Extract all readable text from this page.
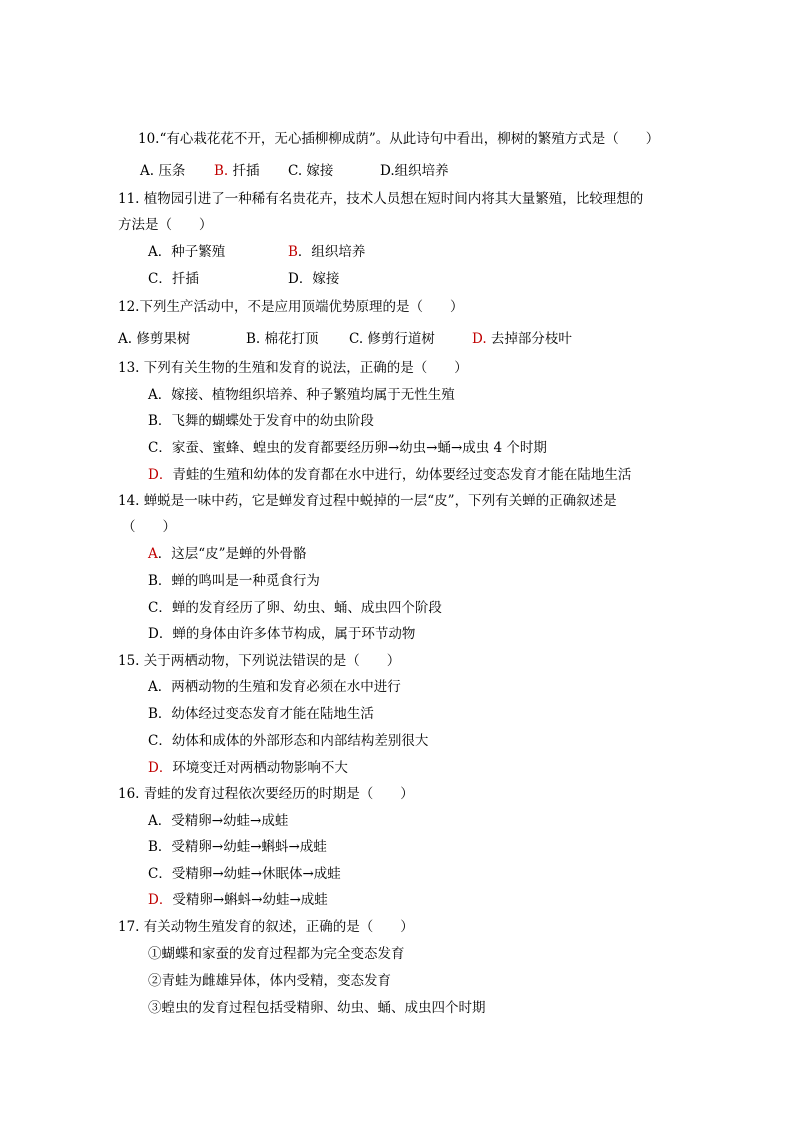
10.“有心栽花花不开，无心插柳柳成荫”。从此诗句中看出，柳树的繁殖方式是（　　）
A. 压条 B. 扦插 C. 嫁接	D.组织培养
11. 植物园引进了一种稀有名贵花卉，技术人员想在短时间内将其大量繁殖，比较理想的
方法是（　　）
A．种子繁殖	B．组织培养
C．扦插	D．嫁接
12.下列生产活动中，不是应用顶端优势原理的是（　　）
A. 修剪果树	B. 棉花打顶 C. 修剪行道树	D. 去掉部分枝叶
13. 下列有关生物的生殖和发育的说法，正确的是（　　）
A．嫁接、植物组织培养、种子繁殖均属于无性生殖
B．飞舞的蝴蝶处于发育中的幼虫阶段
C．家蚕、蜜蜂、蝗虫的发育都要经历卵→幼虫→蛹→成虫 4 个时期
D．青蛙的生殖和幼体的发育都在水中进行，幼体要经过变态发育才能在陆地生活
14. 蝉蜕是一味中药，它是蝉发育过程中蜕掉的一层“皮”，下列有关蝉的正确叙述是
（　　）
A．这层“皮”是蝉的外骨骼
B．蝉的鸣叫是一种觅食行为
C．蝉的发育经历了卵、幼虫、蛹、成虫四个阶段
D．蝉的身体由许多体节构成，属于环节动物
15. 关于两栖动物，下列说法错误的是（　　）
A．两栖动物的生殖和发育必须在水中进行
B．幼体经过变态发育才能在陆地生活
C．幼体和成体的外部形态和内部结构差别很大
D．环境变迁对两栖动物影响不大
16. 青蛙的发育过程依次要经历的时期是（　　）
A．受精卵→幼蛙→成蛙
B．受精卵→幼蛙→蝌蚪→成蛙
C．受精卵→幼蛙→休眠体→成蛙
D．受精卵→蝌蚪→幼蛙→成蛙
17. 有关动物生殖发育的叙述，正确的是（　　）
①蝴蝶和家蚕的发育过程都为完全变态发育
②青蛙为雌雄异体，体内受精，变态发育
③蝗虫的发育过程包括受精卵、幼虫、蛹、成虫四个时期
